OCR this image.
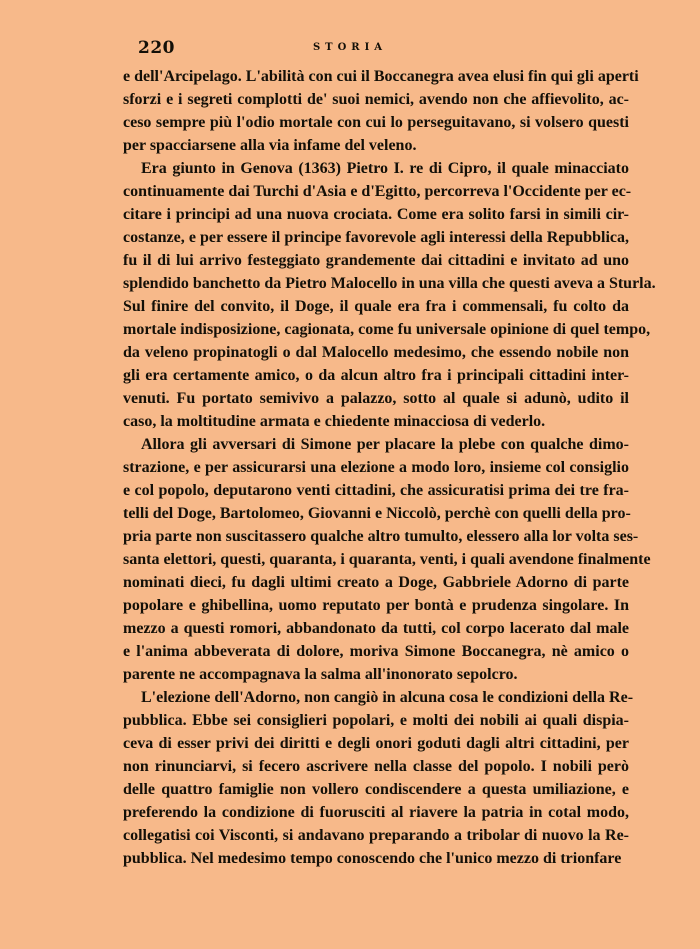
220	STORIA
e dell'Arcipelago. L'abilità con cui il Boccanegra avea elusi fin qui gli aperti
sforzi e i segreti complotti de' suoi nemici, avendo non che affievolito, ac-
ceso sempre più l'odio mortale con cui lo perseguitavano, si volsero questi
per spacciarsene alla via infame del veleno.
Era giunto in Genova (1363) Pietro I. re di Cipro, il quale minacciato
continuamente dai Turchi d'Asia e d'Egitto, percorreva l'Occidente per ec-
citare i principi ad una nuova crociata. Come era solito farsi in simili cir-
costanze, e per essere il principe favorevole agli interessi della Repubblica,
fu il di lui arrivo festeggiato grandemente dai cittadini e invitato ad uno
splendido banchetto da Pietro Malocello in una villa che questi aveva a Sturla.
Sul finire del convito, il Doge, il quale era fra i commensali, fu colto da
mortale indisposizione, cagionata, come fu universale opinione di quel tempo,
da veleno propinatogli o dal Malocello medesimo, che essendo nobile non
gli era certamente amico, o da alcun altro fra i principali cittadini inter-
venuti. Fu portato semivivo a palazzo, sotto al quale si adunò, udito il
caso, la moltitudine armata e chiedente minacciosa di vederlo.
Allora gli avversari di Simone per placare la plebe con qualche dimo-
strazione, e per assicurarsi una elezione a modo loro, insieme col consiglio
e col popolo, deputarono venti cittadini, che assicuratisi prima dei tre fra-
telli del Doge, Bartolomeo, Giovanni e Niccolò, perchè con quelli della pro-
pria parte non suscitassero qualche altro tumulto, elessero alla lor volta ses-
santa elettori, questi, quaranta, i quaranta, venti, i quali avendone finalmente
nominati dieci, fu dagli ultimi creato a Doge, Gabbriele Adorno di parte
popolare e ghibellina, uomo reputato per bontà e prudenza singolare. In
mezzo a questi romori, abbandonato da tutti, col corpo lacerato dal male
e l'anima abbeverata di dolore, moriva Simone Boccanegra, nè amico o
parente ne accompagnava la salma all'inonorato sepolcro.
L'elezione dell'Adorno, non cangiò in alcuna cosa le condizioni della Re-
pubblica. Ebbe sei consiglieri popolari, e molti dei nobili ai quali dispia-
ceva di esser privi dei diritti e degli onori goduti dagli altri cittadini, per
non rinunciarvi, si fecero ascrivere nella classe del popolo. I nobili però
delle quattro famiglie non vollero condiscendere a questa umiliazione, e
preferendo la condizione di fuorusciti al riavere la patria in cotal modo,
collegatisi coi Visconti, si andavano preparando a tribolar di nuovo la Re-
pubblica. Nel medesimo tempo conoscendo che l'unico mezzo di trionfare
